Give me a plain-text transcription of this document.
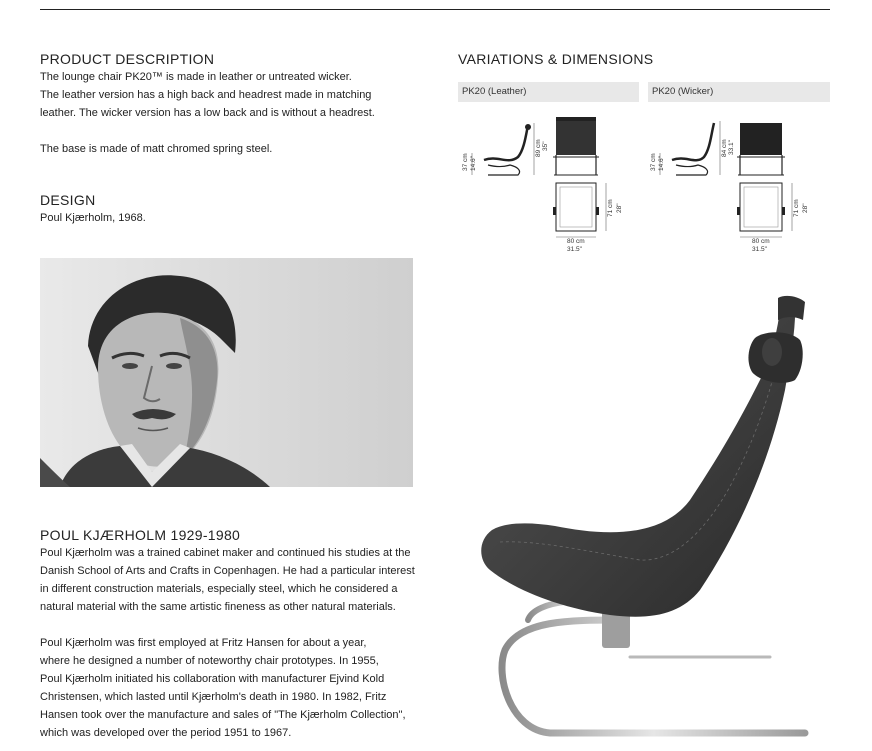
PRODUCT DESCRIPTION

The lounge chair PK20™ is made in leather or untreated wicker.

The leather version has a high back and headrest made in matching

leather. The wicker version has a low back and is without a headrest.

The base is made of matt chromed spring steel.

DESIGN
Poul Kjærholm, 1968.
POUL KJÆRHOLM 1929-1980

Poul Kjærholm was a trained cabinet maker and continued his studies at the

Danish School of Arts and Crafts in Copenhagen. He had a particular interest

in different construction materials, especially steel, which he considered a

natural material with the same artistic fineness as other natural materials.

Poul Kjærholm was first employed at Fritz Hansen for about a year,

where he designed a number of noteworthy chair prototypes. In 1955,

Poul Kjærholm initiated his collaboration with manufacturer Ejvind Kold

Christensen, which lasted until Kjærholm's death in 1980. In 1982, Fritz

Hansen took over the manufacture and sales of "The Kjærholm Collection",

which was developed over the period 1951 to 1967.

VARIATIONS & DIMENSIONS
PK20 (Leather)	PK20 (Wicker)
37 cm 14.6"
89 cm 35"
71 cm 28"
80 cm
31.5"
37 cm 14.6"
84 cm 33.1"
71 cm 28"
80 cm
31.5"
